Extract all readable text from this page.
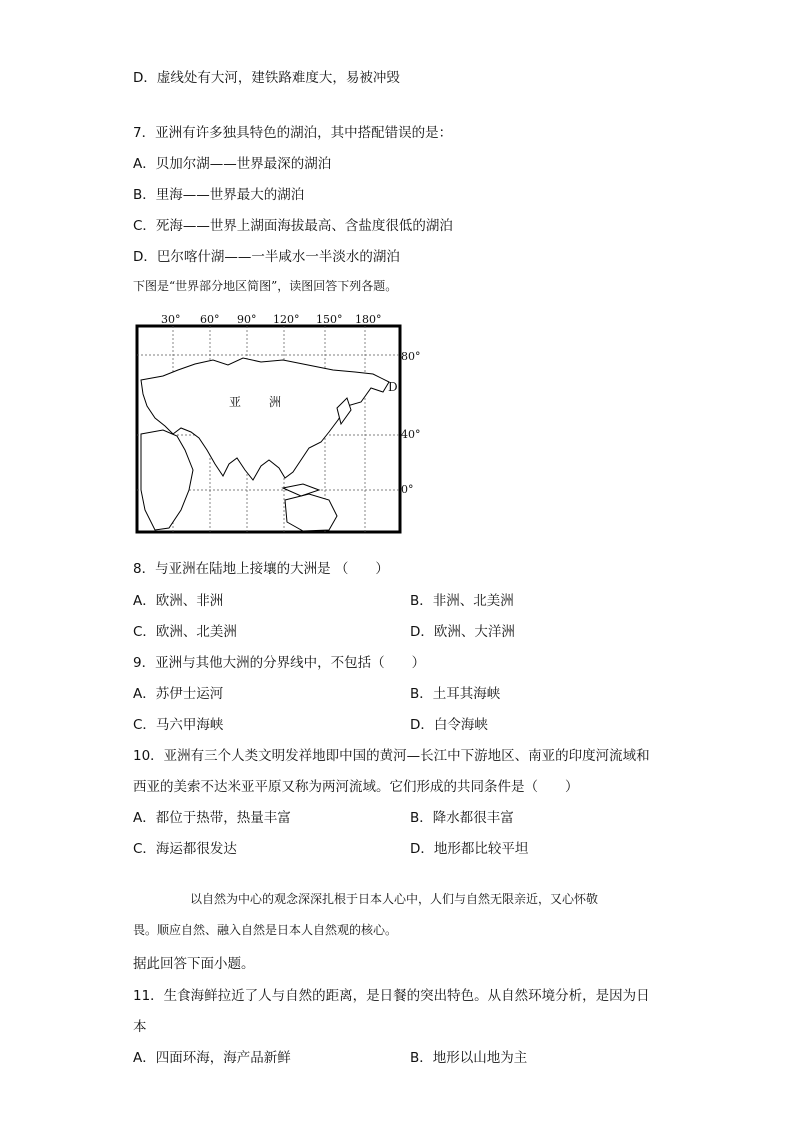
D．虚线处有大河，建铁路难度大，易被冲毁
7．亚洲有许多独具特色的湖泊，其中搭配错误的是：
A．贝加尔湖——世界最深的湖泊
B．里海——世界最大的湖泊
C．死海——世界上湖面海拔最高、含盐度很低的湖泊
D．巴尔喀什湖——一半咸水一半淡水的湖泊
下图是“世界部分地区简图”，读图回答下列各题。
30° 60° 90° 120° 150° 180°
80°
40°
0°
亚 洲
D
8．与亚洲在陆地上接壤的大洲是 （　　）
A．欧洲、非洲	B．非洲、北美洲
C．欧洲、北美洲	D．欧洲、大洋洲
9．亚洲与其他大洲的分界线中，不包括（　　）
A．苏伊士运河	B．土耳其海峡
C．马六甲海峡	D．白令海峡
10．亚洲有三个人类文明发祥地即中国的黄河—长江中下游地区、南亚的印度河流域和
西亚的美索不达米亚平原又称为两河流域。它们形成的共同条件是（　　）
A．都位于热带，热量丰富	B．降水都很丰富
C．海运都很发达	D．地形都比较平坦
以自然为中心的观念深深扎根于日本人心中，人们与自然无限亲近，又心怀敬
畏。顺应自然、融入自然是日本人自然观的核心。
据此回答下面小题。
11．生食海鲜拉近了人与自然的距离，是日餐的突出特色。从自然环境分析，是因为日
本
A．四面环海，海产品新鲜	B．地形以山地为主
